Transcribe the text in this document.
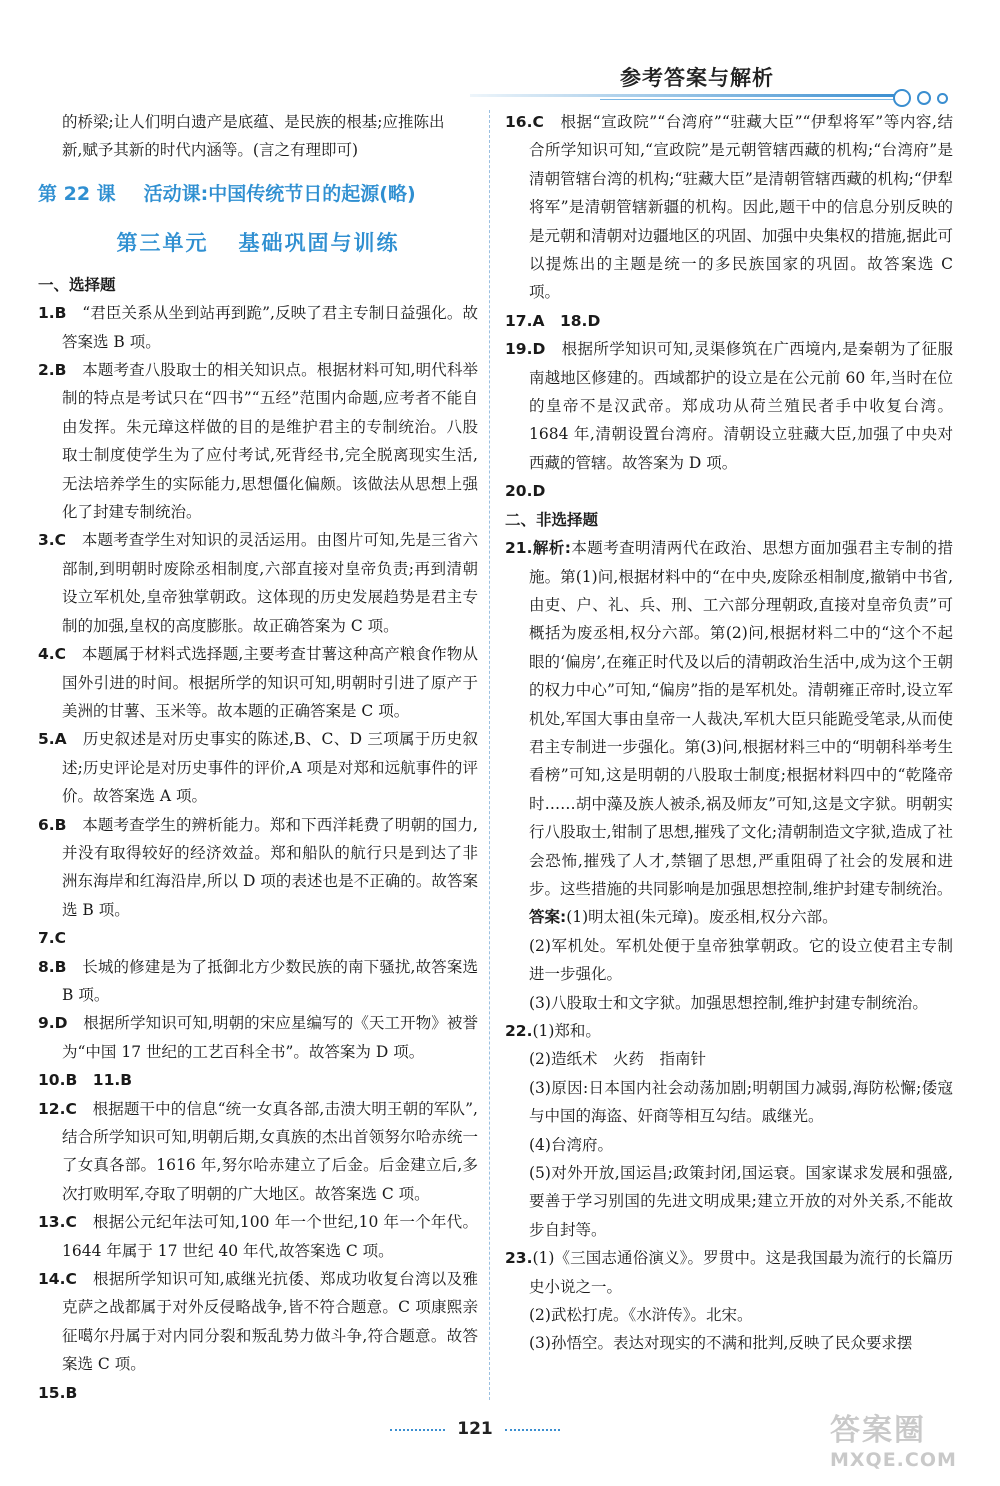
参考答案与解析

的桥梁;让人们明白遗产是底蕴、是民族的根基;应推陈出

新,赋予其新的时代内涵等。(言之有理即可)

第 22 课 活动课:中国传统节日的起源(略)
第三单元 基础巩固与训练

一、选择题

1.B　 “君臣关系从坐到站再到跪”,反映了君主专制日益强化。故答案选 B 项。

2.B　 本题考查八股取士的相关知识点。根据材料可知,明代科举制的特点是考试只在“四书”“五经”范围内命题,应考者不能自由发挥。朱元璋这样做的目的是维护君主的专制统治。八股取士制度使学生为了应付考试,死背经书,完全脱离现实生活,无法培养学生的实际能力,思想僵化偏颇。该做法从思想上强化了封建专制统治。

3.C　 本题考查学生对知识的灵活运用。由图片可知,先是三省六部制,到明朝时废除丞相制度,六部直接对皇帝负责;再到清朝设立军机处,皇帝独掌朝政。这体现的历史发展趋势是君主专制的加强,皇权的高度膨胀。故正确答案为 C 项。

4.C　 本题属于材料式选择题,主要考查甘薯这种高产粮食作物从国外引进的时间。根据所学的知识可知,明朝时引进了原产于美洲的甘薯、玉米等。故本题的正确答案是 C 项。

5.A　 历史叙述是对历史事实的陈述,B、C、D 三项属于历史叙述;历史评论是对历史事件的评价,A 项是对郑和远航事件的评价。故答案选 A 项。

6.B　 本题考查学生的辨析能力。郑和下西洋耗费了明朝的国力,并没有取得较好的经济效益。郑和船队的航行只是到达了非洲东海岸和红海沿岸,所以 D 项的表述也是不正确的。故答案选 B 项。

7.C

8.B　 长城的修建是为了抵御北方少数民族的南下骚扰,故答案选 B 项。

9.D　 根据所学知识可知,明朝的宋应星编写的《天工开物》被誉为“中国 17 世纪的工艺百科全书”。故答案为 D 项。

10.B　 11.B

12.C　 根据题干中的信息“统一女真各部,击溃大明王朝的军队”,结合所学知识可知,明朝后期,女真族的杰出首领努尔哈赤统一了女真各部。1616 年,努尔哈赤建立了后金。后金建立后,多次打败明军,夺取了明朝的广大地区。故答案选 C 项。

13.C　 根据公元纪年法可知,100 年一个世纪,10 年一个年代。1644 年属于 17 世纪 40 年代,故答案选 C 项。

14.C　 根据所学知识可知,戚继光抗倭、郑成功收复台湾以及雅克萨之战都属于对外反侵略战争,皆不符合题意。C 项康熙亲征噶尔丹属于对内同分裂和叛乱势力做斗争,符合题意。故答案选 C 项。

15.B

16.C　 根据“宣政院”“台湾府”“驻藏大臣”“伊犁将军”等内容,结合所学知识可知,“宣政院”是元朝管辖西藏的机构;“台湾府”是清朝管辖台湾的机构;“驻藏大臣”是清朝管辖西藏的机构;“伊犁将军”是清朝管辖新疆的机构。因此,题干中的信息分别反映的是元朝和清朝对边疆地区的巩固、加强中央集权的措施,据此可以提炼出的主题是统一的多民族国家的巩固。故答案选 C 项。

17.A　 18.D

19.D　 根据所学知识可知,灵渠修筑在广西境内,是秦朝为了征服南越地区修建的。西域都护的设立是在公元前 60 年,当时在位的皇帝不是汉武帝。郑成功从荷兰殖民者手中收复台湾。1684 年,清朝设置台湾府。清朝设立驻藏大臣,加强了中央对西藏的管辖。故答案为 D 项。

20.D

二、非选择题

21.解析:本题考查明清两代在政治、思想方面加强君主专制的措施。第(1)问,根据材料中的“在中央,废除丞相制度,撤销中书省,由吏、户、礼、兵、刑、工六部分理朝政,直接对皇帝负责”可概括为废丞相,权分六部。第(2)问,根据材料二中的“这个不起眼的‘偏房’,在雍正时代及以后的清朝政治生活中,成为这个王朝的权力中心”可知,“偏房”指的是军机处。清朝雍正帝时,设立军机处,军国大事由皇帝一人裁决,军机大臣只能跪受笔录,从而使君主专制进一步强化。第(3)问,根据材料三中的“明朝科举考生看榜”可知,这是明朝的八股取士制度;根据材料四中的“乾隆帝时……胡中藻及族人被杀,祸及师友”可知,这是文字狱。明朝实行八股取士,钳制了思想,摧残了文化;清朝制造文字狱,造成了社会恐怖,摧残了人才,禁锢了思想,严重阻碍了社会的发展和进步。这些措施的共同影响是加强思想控制,维护封建专制统治。

答案:(1)明太祖(朱元璋)。废丞相,权分六部。

(2)军机处。军机处便于皇帝独掌朝政。它的设立使君主专制进一步强化。

(3)八股取士和文字狱。加强思想控制,维护封建专制统治。

22.(1)郑和。

(2)造纸术　火药　指南针

(3)原因:日本国内社会动荡加剧;明朝国力减弱,海防松懈;倭寇与中国的海盗、奸商等相互勾结。戚继光。

(4)台湾府。

(5)对外开放,国运昌;政策封闭,国运衰。国家谋求发展和强盛,要善于学习别国的先进文明成果;建立开放的对外关系,不能故步自封等。

23.(1)《三国志通俗演义》。罗贯中。这是我国最为流行的长篇历史小说之一。

(2)武松打虎。《水浒传》。北宋。

(3)孙悟空。表达对现实的不满和批判,反映了民众要求摆

121	答案圈
MXQE.COM
